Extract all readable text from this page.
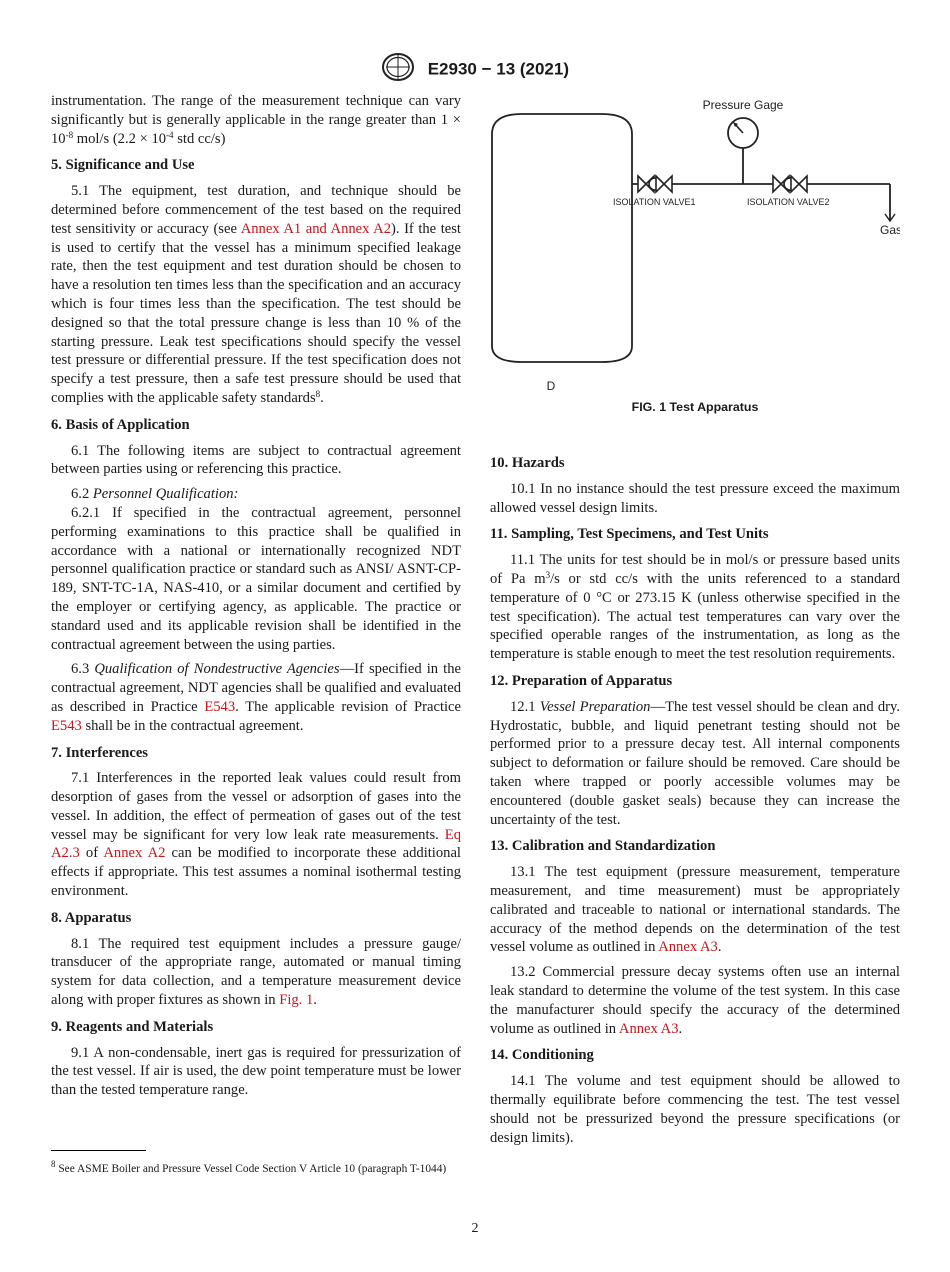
E2930 − 13 (2021)

instrumentation. The range of the measurement technique can vary significantly but is generally applicable in the range greater than $1 \times 10^{-8}$ mol/s ($2.2 \times 10^{-4}$ std cc/s)

5. Significance and Use

5.1 The equipment, test duration, and technique should be determined before commencement of the test based on the required test sensitivity or accuracy (see Annex A1 and Annex A2). If the test is used to certify that the vessel has a minimum specified leakage rate, then the test equipment and test duration should be chosen to have a resolution ten times less than the specification and an accuracy which is four times less than the specification. The test should be designed so that the total pressure change is less than 10 % of the starting pressure. Leak test specifications should specify the vessel test pressure or differential pressure. If the test specification does not specify a test pressure, then a safe test pressure should be used that complies with the applicable safety standards$^8$.

6. Basis of Application

6.1 The following items are subject to contractual agreement between parties using or referencing this practice.

6.2 Personnel Qualification:

6.2.1 If specified in the contractual agreement, personnel performing examinations to this practice shall be qualified in accordance with a national or internationally recognized NDT personnel qualification practice or standard such as ANSI/ ASNT-CP-189, SNT-TC-1A, NAS-410, or a similar document and certified by the employer or certifying agency, as applicable. The practice or standard used and its applicable revision shall be identified in the contractual agreement between the using parties.

6.3 Qualification of Nondestructive Agencies—If specified in the contractual agreement, NDT agencies shall be qualified and evaluated as described in Practice E543. The applicable revision of Practice E543 shall be in the contractual agreement.

7. Interferences

7.1 Interferences in the reported leak values could result from desorption of gases from the vessel or adsorption of gases into the vessel. In addition, the effect of permeation of gases out of the test vessel may be significant for very low leak rate measurements. Eq A2.3 of Annex A2 can be modified to incorporate these additional effects if appropriate. This test assumes a nominal isothermal testing environment.

8. Apparatus

8.1 The required test equipment includes a pressure gauge/ transducer of the appropriate range, automated or manual timing system for data collection, and a temperature measurement device along with proper fixtures as shown in Fig. 1.

9. Reagents and Materials

9.1 A non-condensable, inert gas is required for pressurization of the test vessel. If air is used, the dew point temperature must be lower than the tested temperature range.

Pressure Gage
ISOLATION VALVE1	ISOLATION VALVE2
Gas
D
FIG. 1 Test Apparatus
10. Hazards

10.1 In no instance should the test pressure exceed the maximum allowed vessel design limits.

11. Sampling, Test Specimens, and Test Units

11.1 The units for test should be in mol/s or pressure based units of Pa $m^3/s$ or std cc/s with the units referenced to a standard temperature of 0 °C or 273.15 K (unless otherwise specified in the test specification). The actual test temperatures can vary over the specified operable ranges of the instrumentation, as long as the temperature is stable enough to meet the test resolution requirements.

12. Preparation of Apparatus

12.1 Vessel Preparation—The test vessel should be clean and dry. Hydrostatic, bubble, and liquid penetrant testing should not be performed prior to a pressure decay test. All internal components subject to deformation or failure should be removed. Care should be taken where trapped or poorly accessible volumes may be encountered (double gasket seals) because they can increase the uncertainty of the test.

13. Calibration and Standardization

13.1 The test equipment (pressure measurement, temperature measurement, and time measurement) must be appropriately calibrated and traceable to national or international standards. The accuracy of the method depends on the determination of the test vessel volume as outlined in Annex A3.

13.2 Commercial pressure decay systems often use an internal leak standard to determine the volume of the test system. In this case the manufacturer should specify the accuracy of the determined volume as outlined in Annex A3.

14. Conditioning

14.1 The volume and test equipment should be allowed to thermally equilibrate before commencing the test. The test vessel should not be pressurized beyond the pressure specifications (or design limits).

$^8$ See ASME Boiler and Pressure Vessel Code Section V Article 10 (paragraph T-1044)
2
